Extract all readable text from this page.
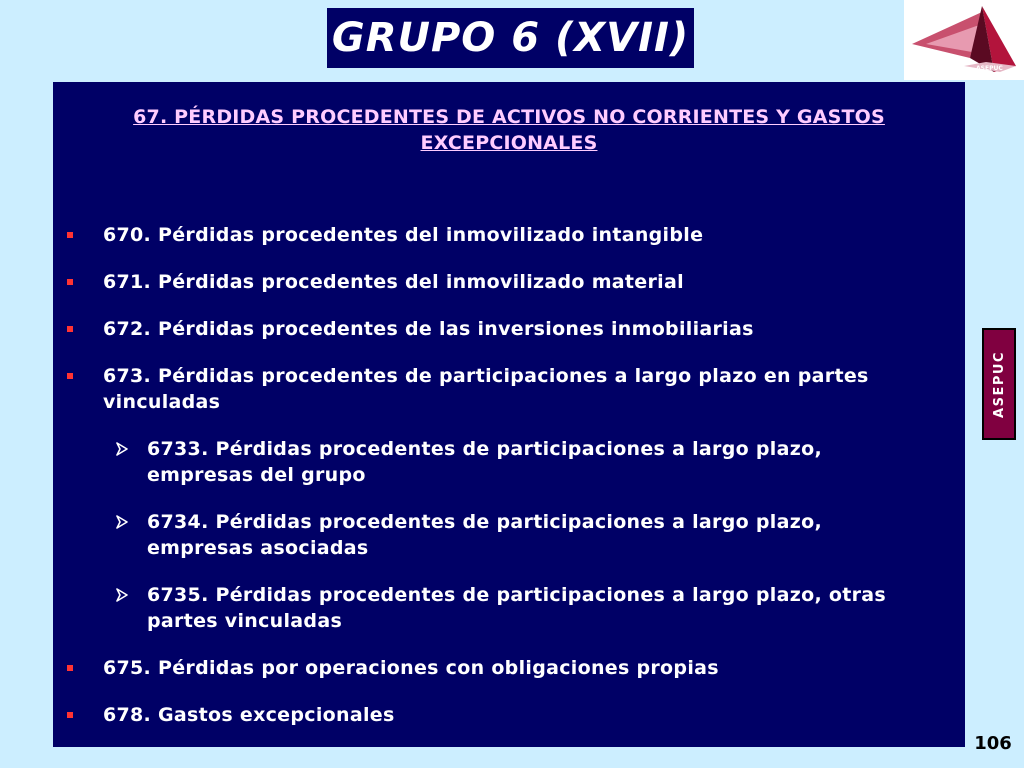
GRUPO 6 (XVII)
ASEPUC
67. PÉRDIDAS PROCEDENTES DE ACTIVOS NO CORRIENTES Y GASTOS EXCEPCIONALES
670. Pérdidas procedentes del inmovilizado intangible
671. Pérdidas procedentes del inmovilizado material
672. Pérdidas procedentes de las inversiones inmobiliarias
673. Pérdidas procedentes de participaciones a largo plazo en partes vinculadas
6733. Pérdidas procedentes de participaciones a largo plazo, empresas del grupo
6734. Pérdidas procedentes de participaciones a largo plazo, empresas asociadas
6735. Pérdidas procedentes de participaciones a largo plazo, otras partes vinculadas
675. Pérdidas por operaciones con obligaciones propias
678. Gastos excepcionales
ASEPUC
106
